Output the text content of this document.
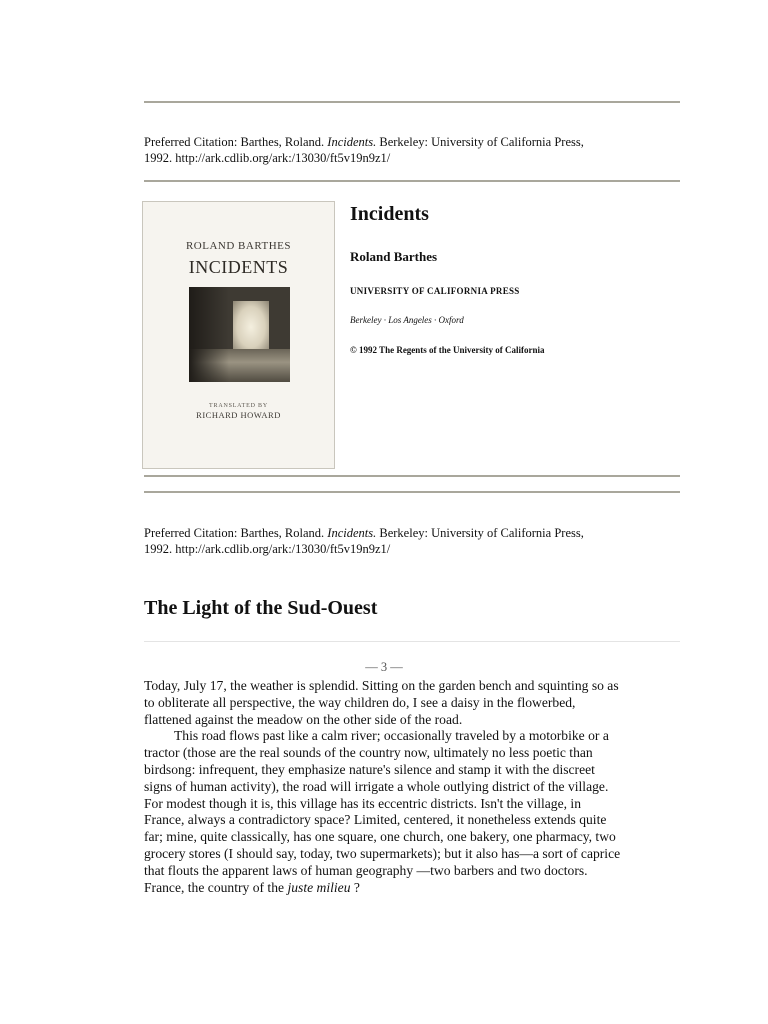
Preferred Citation: Barthes, Roland. Incidents. Berkeley: University of California Press,
1992. http://ark.cdlib.org/ark:/13030/ft5v19n9z1/
ROLAND BARTHES
INCIDENTS
TRANSLATED BY
RICHARD HOWARD
Incidents
Roland Barthes
UNIVERSITY OF CALIFORNIA PRESS
Berkeley · Los Angeles · Oxford
© 1992 The Regents of the University of California
Preferred Citation: Barthes, Roland. Incidents. Berkeley: University of California Press,
1992. http://ark.cdlib.org/ark:/13030/ft5v19n9z1/
The Light of the Sud-Ouest
— 3 —

Today, July 17, the weather is splendid. Sitting on the garden bench and squinting so as to obliterate all perspective, the way children do, I see a daisy in the flowerbed, flattened against the meadow on the other side of the road.

This road flows past like a calm river; occasionally traveled by a motorbike or a tractor (those are the real sounds of the country now, ultimately no less poetic than birdsong: infrequent, they emphasize nature's silence and stamp it with the discreet signs of human activity), the road will irrigate a whole outlying district of the village. For modest though it is, this village has its eccentric districts. Isn't the village, in France, always a contradictory space? Limited, centered, it nonetheless extends quite far; mine, quite classically, has one square, one church, one bakery, one pharmacy, two grocery stores (I should say, today, two supermarkets); but it also has—a sort of caprice that flouts the apparent laws of human geography —two barbers and two doctors. France, the country of the juste milieu ?
